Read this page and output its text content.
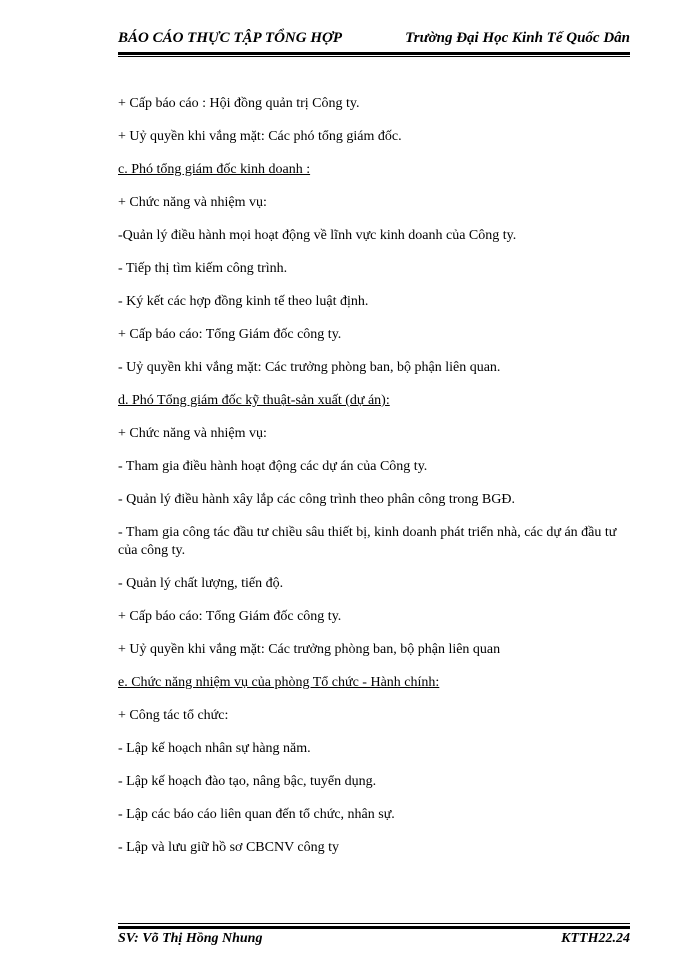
BÁO CÁO THỰC TẬP TỔNG HỢP	Trường Đại Học Kinh Tế Quốc Dân

+ Cấp báo cáo : Hội đồng quản trị Công ty.

+ Uỷ quyền khi vắng mặt: Các phó tổng giám đốc.

c. Phó tổng giám đốc kinh doanh :

+ Chức năng và nhiệm vụ:

-Quản lý điều hành mọi hoạt động về lĩnh vực kinh doanh của Công ty.

- Tiếp thị tìm kiếm công trình.

- Ký kết các hợp đồng kinh tế theo luật định.

+ Cấp báo cáo: Tổng Giám đốc công ty.

- Uỷ quyền khi vắng mặt: Các trưởng phòng ban, bộ phận liên quan.

d. Phó Tổng giám đốc kỹ thuật-sản xuất (dự án):

+ Chức năng và nhiệm vụ:

- Tham gia điều hành hoạt động các dự án của Công ty.

- Quản lý điều hành xây lắp các công trình theo phân công trong BGĐ.

- Tham gia công tác đầu tư chiều sâu thiết bị, kinh doanh phát triển nhà, các dự án đầu tư của công ty.

- Quản lý chất lượng, tiến độ.

+ Cấp báo cáo: Tổng Giám đốc công ty.

+ Uỷ quyền khi vắng mặt: Các trưởng phòng ban, bộ phận liên quan

e. Chức năng nhiệm vụ của phòng Tổ chức - Hành chính:

+ Công tác tổ chức:

- Lập kế hoạch nhân sự hàng năm.

- Lập kế hoạch đào tạo, nâng bậc, tuyển dụng.

- Lập các báo cáo liên quan đến tổ chức, nhân sự.

- Lập và lưu giữ hồ sơ CBCNV công ty

SV: Võ Thị Hồng Nhung	KTTH22.24
